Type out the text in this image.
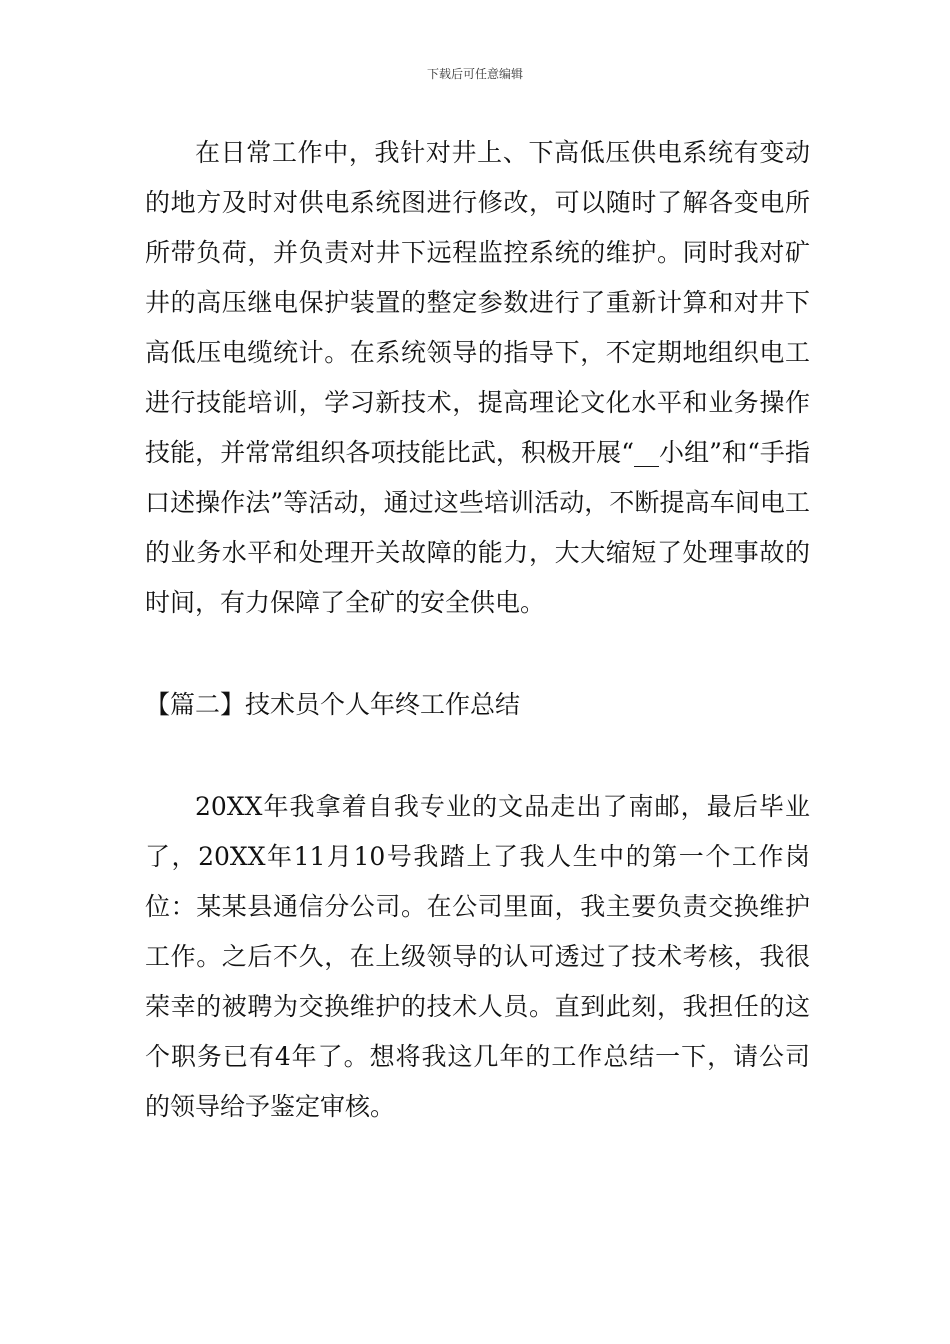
下载后可任意编辑

在日常工作中，我针对井上、下高低压供电系统有变动的地方及时对供电系统图进行修改，可以随时了解各变电所所带负荷，并负责对井下远程监控系统的维护。同时我对矿井的高压继电保护装置的整定参数进行了重新计算和对井下高低压电缆统计。在系统领导的指导下，不定期地组织电工进行技能培训，学习新技术，提高理论文化水平和业务操作技能，并常常组织各项技能比武，积极开展“__小组”和“手指口述操作法”等活动，通过这些培训活动，不断提高车间电工的业务水平和处理开关故障的能力，大大缩短了处理事故的时间，有力保障了全矿的安全供电。

【篇二】技术员个人年终工作总结

20XX年我拿着自我专业的文品走出了南邮，最后毕业了，20XX年11月10号我踏上了我人生中的第一个工作岗位：某某县通信分公司。在公司里面，我主要负责交换维护工作。之后不久，在上级领导的认可透过了技术考核，我很荣幸的被聘为交换维护的技术人员。直到此刻，我担任的这个职务已有4年了。想将我这几年的工作总结一下，请公司的领导给予鉴定审核。
